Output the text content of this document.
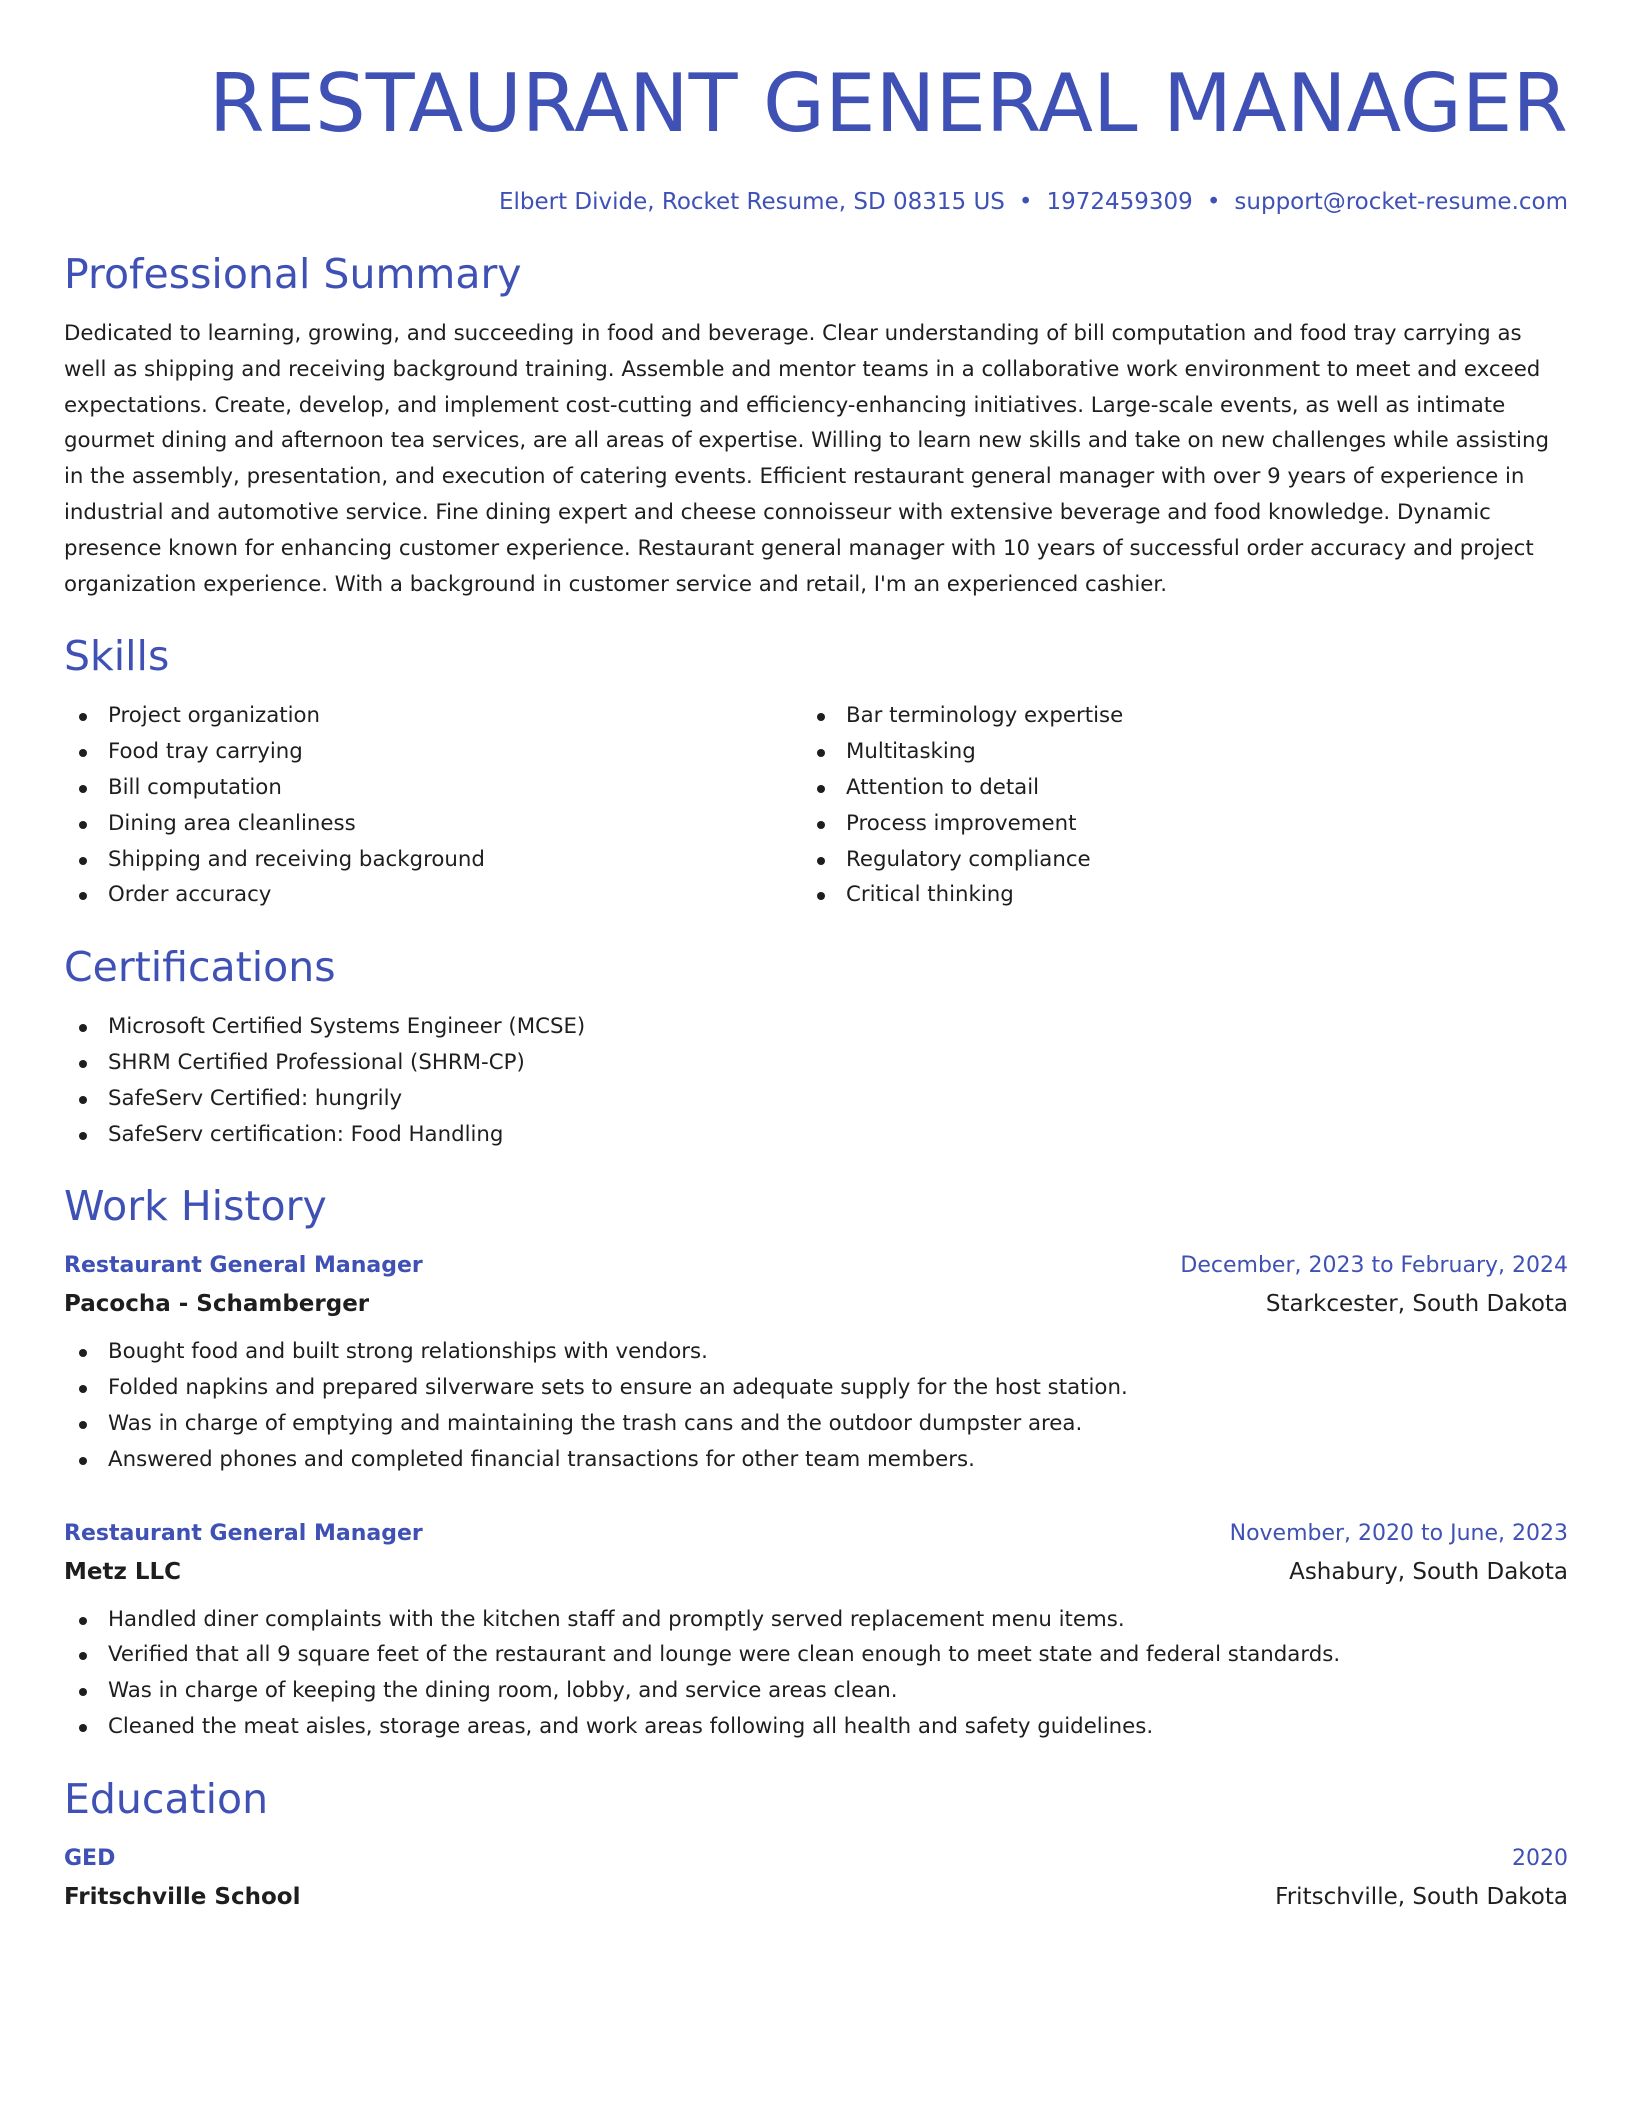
RESTAURANT GENERAL MANAGER
Elbert Divide, Rocket Resume, SD 08315 US • 1972459309 • support@rocket-resume.com
Professional Summary

Dedicated to learning, growing, and succeeding in food and beverage. Clear understanding of bill computation and food tray carrying as well as shipping and receiving background training. Assemble and mentor teams in a collaborative work environment to meet and exceed expectations. Create, develop, and implement cost-cutting and efficiency-enhancing initiatives. Large-scale events, as well as intimate gourmet dining and afternoon tea services, are all areas of expertise. Willing to learn new skills and take on new challenges while assisting in the assembly, presentation, and execution of catering events. Efficient restaurant general manager with over 9 years of experience in industrial and automotive service. Fine dining expert and cheese connoisseur with extensive beverage and food knowledge. Dynamic presence known for enhancing customer experience. Restaurant general manager with 10 years of successful order accuracy and project organization experience. With a background in customer service and retail, I'm an experienced cashier.

Skills
Project organization
Food tray carrying
Bill computation
Dining area cleanliness
Shipping and receiving background
Order accuracy
Bar terminology expertise
Multitasking
Attention to detail
Process improvement
Regulatory compliance
Critical thinking
Certifications
Microsoft Certified Systems Engineer (MCSE)
SHRM Certified Professional (SHRM-CP)
SafeServ Certified: hungrily
SafeServ certification: Food Handling
Work History
Restaurant General Manager	December, 2023 to February, 2024
Pacocha - Schamberger	Starkcester, South Dakota
Bought food and built strong relationships with vendors.
Folded napkins and prepared silverware sets to ensure an adequate supply for the host station.
Was in charge of emptying and maintaining the trash cans and the outdoor dumpster area.
Answered phones and completed financial transactions for other team members.
Restaurant General Manager	November, 2020 to June, 2023
Metz LLC	Ashabury, South Dakota
Handled diner complaints with the kitchen staff and promptly served replacement menu items.
Verified that all 9 square feet of the restaurant and lounge were clean enough to meet state and federal standards.
Was in charge of keeping the dining room, lobby, and service areas clean.
Cleaned the meat aisles, storage areas, and work areas following all health and safety guidelines.
Education
GED	2020
Fritschville School	Fritschville, South Dakota
